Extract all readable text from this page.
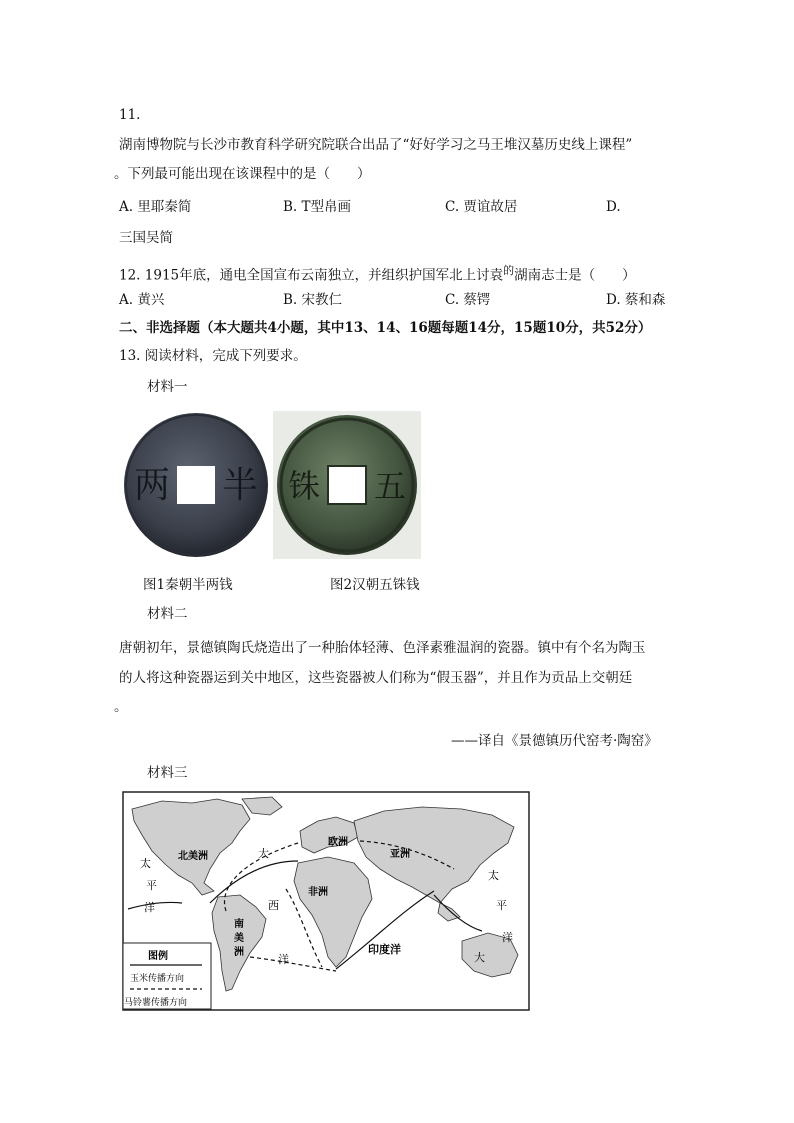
11.
湖南博物院与长沙市教育科学研究院联合出品了“好好学习之马王堆汉墓历史线上课程”
。下列最可能出现在该课程中的是（　　）
A. 里耶秦简	B. T型帛画	C. 贾谊故居	D.
三国吴简
12. 1915年底，通电全国宣布云南独立，并组织护国军北上讨袁$^的$湖南志士是（　　）
A. 黄兴	B. 宋教仁	C. 蔡锷	D. 蔡和森
二、非选择题（本大题共4小题，其中13、14、16题每题14分，15题10分，共52分）
13. 阅读材料，完成下列要求。
材料一
两 半 铢 五
图1秦朝半两钱	图2汉朝五铢钱
材料二
唐朝初年，景德镇陶氏烧造出了一种胎体轻薄、色泽素雅温润的瓷器。镇中有个名为陶玉
的人将这种瓷器运到关中地区，这些瓷器被人们称为“假玉器”，并且作为贡品上交朝廷
。
——译自《景德镇历代窑考·陶窑》
材料三
北美洲
欧洲
亚洲
非洲
南
美
洲	大
太
平
洋
大
西
洋
印度洋
太
平
洋
图例
玉米传播方向
马铃薯传播方向
